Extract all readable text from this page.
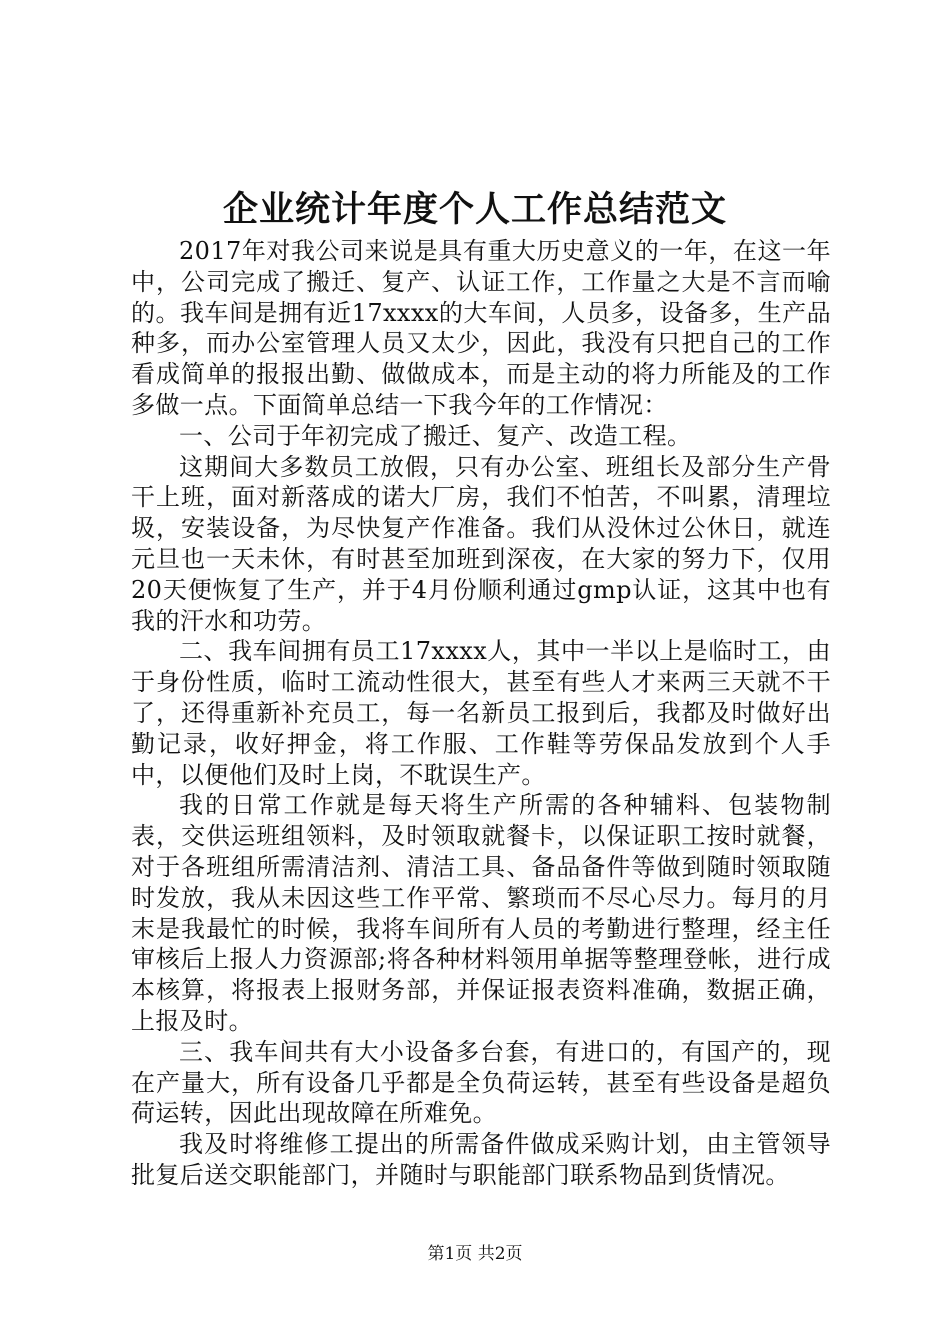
企业统计年度个人工作总结范文

2017年对我公司来说是具有重大历史意义的一年，在这一年中，公司完成了搬迁、复产、认证工作，工作量之大是不言而喻的。我车间是拥有近17xxxx的大车间，人员多，设备多，生产品种多，而办公室管理人员又太少，因此，我没有只把自己的工作看成简单的报报出勤、做做成本，而是主动的将力所能及的工作多做一点。下面简单总结一下我今年的工作情况：

一、公司于年初完成了搬迁、复产、改造工程。

这期间大多数员工放假，只有办公室、班组长及部分生产骨干上班，面对新落成的诺大厂房，我们不怕苦，不叫累，清理垃圾，安装设备，为尽快复产作准备。我们从没休过公休日，就连元旦也一天未休，有时甚至加班到深夜，在大家的努力下，仅用20天便恢复了生产，并于4月份顺利通过gmp认证，这其中也有我的汗水和功劳。

二、我车间拥有员工17xxxx人，其中一半以上是临时工，由于身份性质，临时工流动性很大，甚至有些人才来两三天就不干了，还得重新补充员工，每一名新员工报到后，我都及时做好出勤记录，收好押金，将工作服、工作鞋等劳保品发放到个人手中，以便他们及时上岗，不耽误生产。

我的日常工作就是每天将生产所需的各种辅料、包装物制表，交供运班组领料，及时领取就餐卡，以保证职工按时就餐，对于各班组所需清洁剂、清洁工具、备品备件等做到随时领取随时发放，我从未因这些工作平常、繁琐而不尽心尽力。每月的月末是我最忙的时候，我将车间所有人员的考勤进行整理，经主任审核后上报人力资源部;将各种材料领用单据等整理登帐，进行成本核算，将报表上报财务部，并保证报表资料准确，数据正确，上报及时。

三、我车间共有大小设备多台套，有进口的，有国产的，现在产量大，所有设备几乎都是全负荷运转，甚至有些设备是超负荷运转，因此出现故障在所难免。

我及时将维修工提出的所需备件做成采购计划，由主管领导批复后送交职能部门，并随时与职能部门联系物品到货情况。

第1页 共2页
